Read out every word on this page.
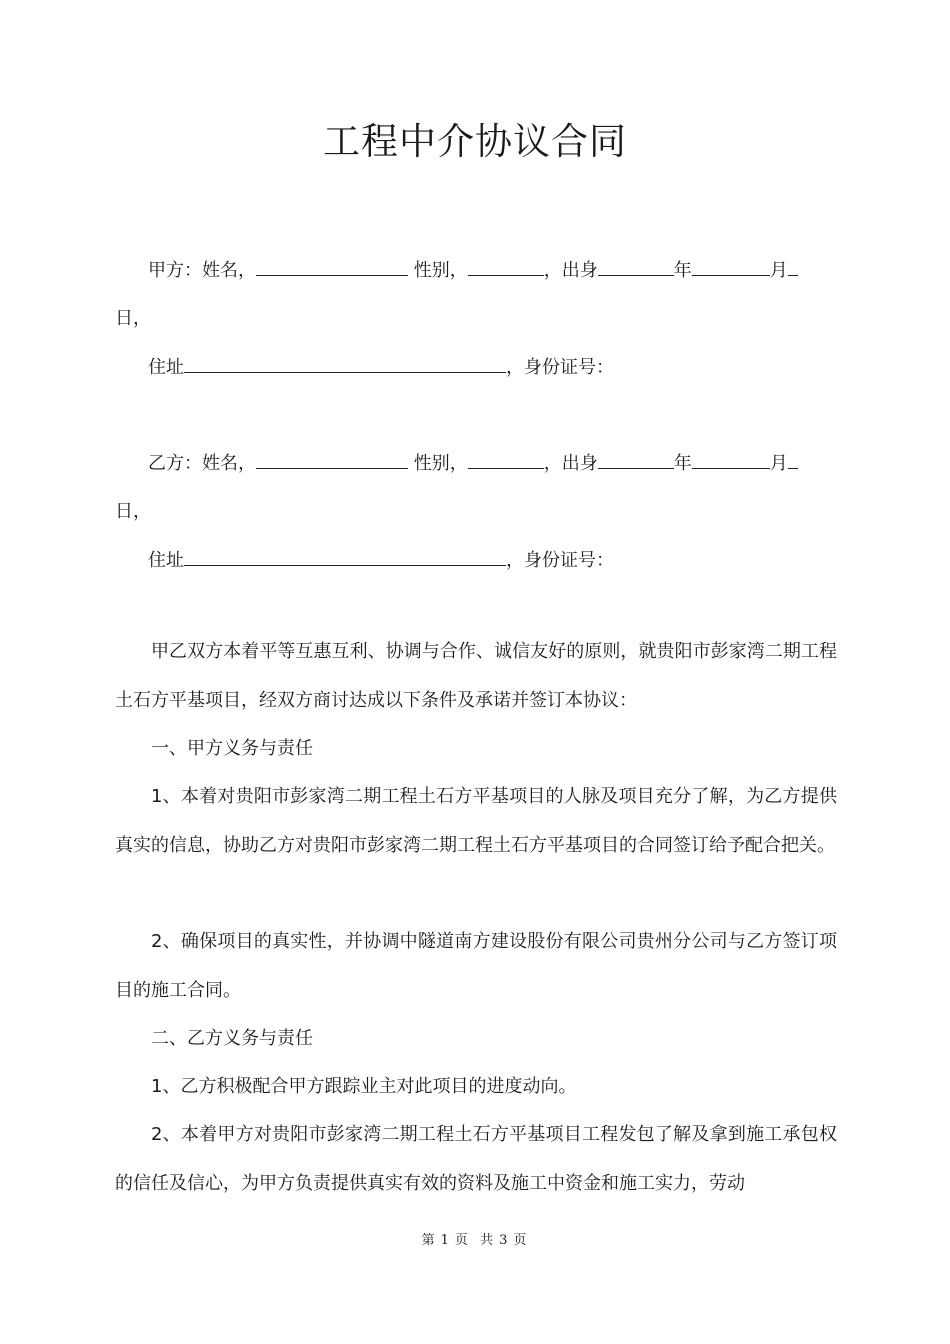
工程中介协议合同
甲方：姓名，	性别，	，出身	年	月
日，
住址	，身份证号：
乙方：姓名，	性别，	，出身	年	月
日，
住址	，身份证号：
甲乙双方本着平等互惠互利、协调与合作、诚信友好的原则，就贵阳市彭家湾二期工程土石方平基项目，经双方商讨达成以下条件及承诺并签订本协议：
一、甲方义务与责任
1、本着对贵阳市彭家湾二期工程土石方平基项目的人脉及项目充分了解，为乙方提供真实的信息，协助乙方对贵阳市彭家湾二期工程土石方平基项目的合同签订给予配合把关。
2、确保项目的真实性，并协调中隧道南方建设股份有限公司贵州分公司与乙方签订项目的施工合同。
二、乙方义务与责任
1、乙方积极配合甲方跟踪业主对此项目的进度动向。
2、本着甲方对贵阳市彭家湾二期工程土石方平基项目工程发包了解及拿到施工承包权的信任及信心，为甲方负责提供真实有效的资料及施工中资金和施工实力，劳动
第 1 页 共 3 页
